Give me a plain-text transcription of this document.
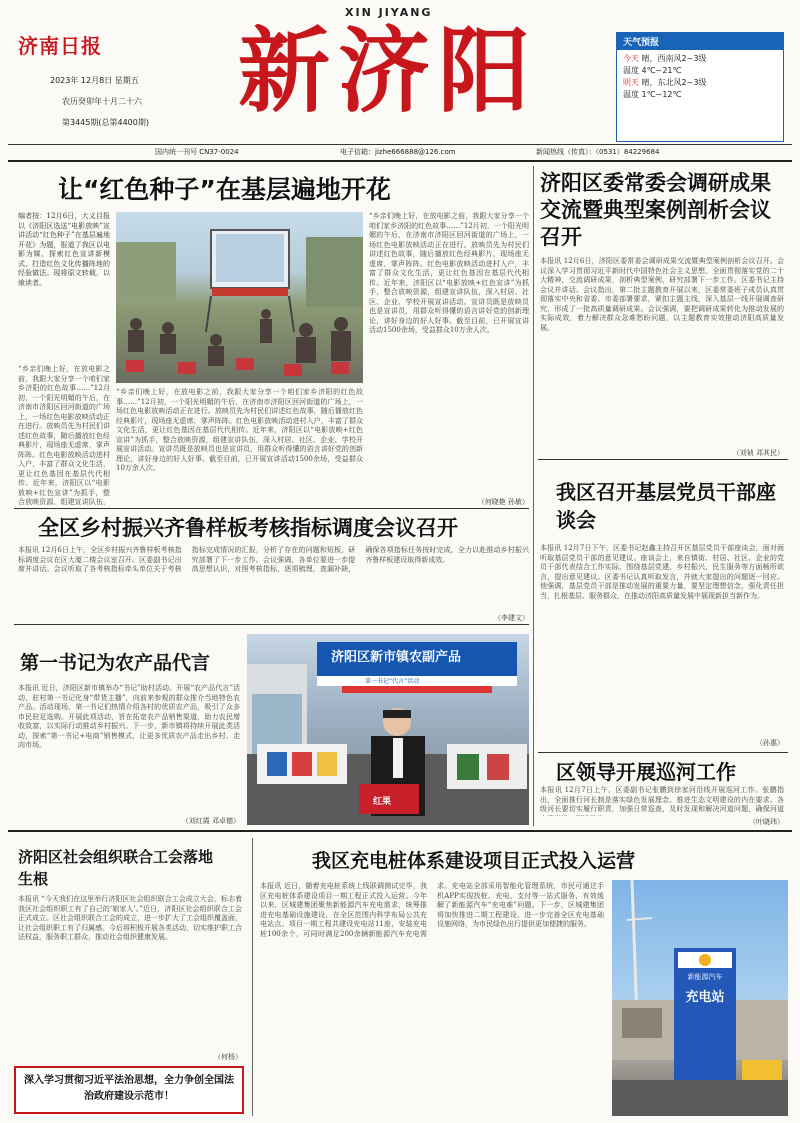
济南日报
2023年 12月8日 星期五
农历癸卯年十月二十六
第3445期(总第4400期)
XIN JIYANG
新济阳	天气预报
今天 晴，西南风2~3级
温度 4℃~21℃
明天 晴，东北风2~3级
温度 1℃~12℃
国内统一刊号 CN37-0024	电子信箱：jizhe666888@126.com	新闻热线（传真）：（0531）84229684
让“红色种子”在基层遍地开花
编者按：12月6日，大义目报以《济阳区选送“电影放映”宣讲活动“红色种子”在基层遍地开花》为题，报道了我区以电影为媒、探索红色宣讲新模式、打造红色文化传播阵地的经验做法。现将原文转载，以飨读者。
“乡亲们晚上好，在放电影之前，我跟大家分享一个咱们家乡济阳的红色故事……”12月初，一个阳光明媚的午后，在济南市济阳区回河街道的广场上，一场红色电影放映活动正在进行。放映员先为村民们讲述红色故事，随后播放红色经典影片，现场座无虚席，掌声阵阵。红色电影放映活动进村入户，丰富了群众文化生活，更让红色基因在基层代代相传。近年来，济阳区以“电影放映+红色宣讲”为抓手，整合放映资源，组建宣讲队伍，
“乡亲们晚上好，在放电影之前，我跟大家分享一个咱们家乡济阳的红色故事……”12月初，一个阳光明媚的午后，在济南市济阳区回河街道的广场上，一场红色电影放映活动正在进行。放映员先为村民们讲述红色故事，随后播放红色经典影片，现场座无虚席，掌声阵阵。红色电影放映活动进村入户，丰富了群众文化生活，更让红色基因在基层代代相传。近年来，济阳区以“电影放映+红色宣讲”为抓手，整合放映资源，组建宣讲队伍，深入村居、社区、企业、学校开展宣讲活动。宣讲员既是放映员也是宣讲员，用群众听得懂的语言讲好党的创新理论，讲好身边的好人好事。截至目前，已开展宣讲活动1500余场，受益群众10万余人次。
“乡亲们晚上好，在放电影之前，我跟大家分享一个咱们家乡济阳的红色故事……”12月初，一个阳光明媚的午后，在济南市济阳区回河街道的广场上，一场红色电影放映活动正在进行。放映员先为村民们讲述红色故事，随后播放红色经典影片，现场座无虚席，掌声阵阵。红色电影放映活动进村入户，丰富了群众文化生活，更让红色基因在基层代代相传。近年来，济阳区以“电影放映+红色宣讲”为抓手，整合放映资源，组建宣讲队伍，深入村居、社区、企业、学校开展宣讲活动。宣讲员既是放映员也是宣讲员，用群众听得懂的语言讲好党的创新理论，讲好身边的好人好事。截至目前，已开展宣讲活动1500余场，受益群众10万余人次。
（何晓艳 孙敏）
全区乡村振兴齐鲁样板考核指标调度会议召开
本报讯 12月6日上午，全区乡村振兴齐鲁样板考核指标调度会议在区大厦二楼会议室召开。区委副书记出席并讲话。会议听取了各考核指标牵头单位关于考核指标完成情况的汇报，分析了存在的问题和短板，研究部署了下一步工作。会议强调，各单位要进一步提高思想认识，对照考核指标，逐项梳理，查漏补缺，确保各项指标任务按时完成，全力以赴推动乡村振兴齐鲁样板建设取得新成效。
（李建文）
第一书记为农产品代言
本报讯 近日，济阳区新市镇举办“书记”助村活动。开展“农产品代言”活动，驻村第一书记化身“带货主播”，向前来参观的群众推介当地特色农产品。活动现场，第一书记们热情介绍各村的优质农产品，吸引了众多市民驻足选购。开展此项活动，旨在拓宽农产品销售渠道，助力农民增收致富，以实际行动推动乡村振兴。下一步，新市镇将持续开展此类活动，探索“第一书记+电商”销售模式，让更多优质农产品走出乡村、走向市场。
（刘红霞 邓卓德）
济阳区新市镇农副产品
第一书记“代言”活动
红果
济阳区委常委会调研成果交流暨典型案例剖析会议召开
本报讯 12月6日，济阳区委常委会调研成果交流暨典型案例剖析会议召开。会议深入学习贯彻习近平新时代中国特色社会主义思想，全面贯彻落实党的二十大精神，交流调研成果，剖析典型案例，研究部署下一步工作。区委书记主持会议并讲话。会议指出，第二批主题教育开展以来，区委常委班子成员认真贯彻落实中央和省委、市委部署要求，紧扣主题主线，深入基层一线开展调查研究，形成了一批高质量调研成果。会议强调，要把调研成果转化为推动发展的实际成效，着力解决群众急难愁盼问题，以主题教育实效推动济阳高质量发展。
（刘祯 邓其民）
我区召开基层党员干部座谈会
本报讯 12月7日下午，区委书记赵鑫主持召开区基层党员干部座谈会，面对面听取基层党员干部的意见建议。座谈会上，来自镇街、村居、社区、企业的党员干部代表结合工作实际，围绕基层党建、乡村振兴、民生服务等方面畅所欲言，提出意见建议。区委书记认真听取发言，并就大家提出的问题逐一回应。他强调，基层党员干部是推动发展的重要力量，要坚定理想信念，强化责任担当，扎根基层、服务群众，在推动济阳高质量发展中展现新担当新作为。
（孙惠）
区领导开展巡河工作
本报讯 12月7日上午，区委副书记张鹏到徐家河沿线开展巡河工作。张鹏指出，全面推行河长制是落实绿色发展理念、推进生态文明建设的内在要求。各级河长要切实履行职责，加强日常巡查，及时发现和解决河道问题，确保河道
（叶晓玮）
济阳区社会组织联合工会落地生根
本报讯 “今天我们在这里举行济阳区社会组织联合工会成立大会，标志着我区社会组织职工有了自己的‘娘家人’。”近日，济阳区社会组织联合工会正式成立。区社会组织联合工会的成立，进一步扩大了工会组织覆盖面，让社会组织职工有了归属感。今后将积极开展各类活动，切实维护职工合法权益，服务职工群众，推动社会组织健康发展。
（何杨）
深入学习贯彻习近平法治思想，全力争创全国法治政府建设示范市！
我区充电桩体系建设项目正式投入运营
本报讯 近日，随着充电桩系统上线联调测试完毕，我区充电桩体系建设项目一期工程正式投入运营。今年以来，区城建集团聚焦新能源汽车充电需求，统筹推进充电基础设施建设，在全区范围内科学布局公共充电站点。项目一期工程共建设充电站11座，安装充电桩100余个，可同时满足200余辆新能源汽车充电需求。充电站全部采用智能化管理系统，市民可通过手机APP实现找桩、充电、支付等一站式服务，有效缓解了新能源汽车“充电难”问题。下一步，区城建集团将加快推进二期工程建设，进一步完善全区充电基础设施网络，为市民绿色出行提供更加便捷的服务。
新能源汽车
充电站
